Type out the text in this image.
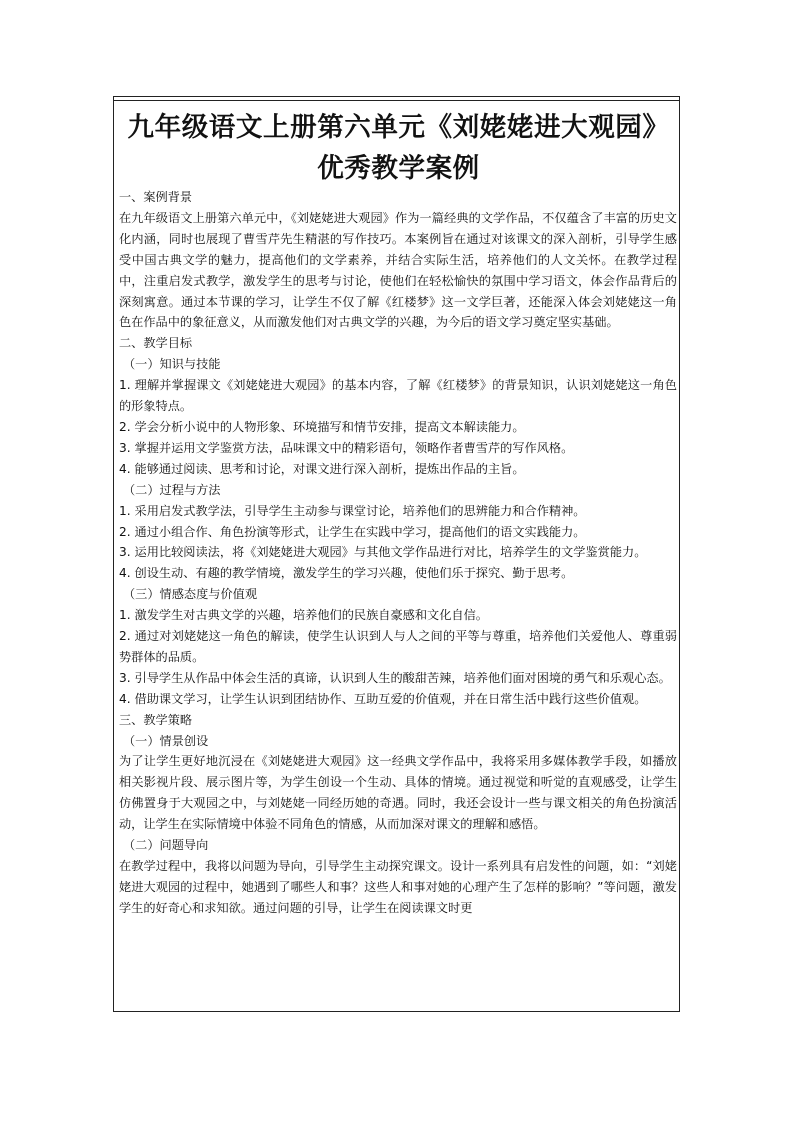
九年级语文上册第六单元《刘姥姥进大观园》
优秀教学案例
一、案例背景

在九年级语文上册第六单元中，《刘姥姥进大观园》作为一篇经典的文学作品，不仅蕴含了丰富的历史文化内涵，同时也展现了曹雪芹先生精湛的写作技巧。本案例旨在通过对该课文的深入剖析，引导学生感受中国古典文学的魅力，提高他们的文学素养，并结合实际生活，培养他们的人文关怀。在教学过程中，注重启发式教学，激发学生的思考与讨论，使他们在轻松愉快的氛围中学习语文，体会作品背后的深刻寓意。通过本节课的学习，让学生不仅了解《红楼梦》这一文学巨著，还能深入体会刘姥姥这一角色在作品中的象征意义，从而激发他们对古典文学的兴趣，为今后的语文学习奠定坚实基础。

二、教学目标
（一）知识与技能

1. 理解并掌握课文《刘姥姥进大观园》的基本内容，了解《红楼梦》的背景知识，认识刘姥姥这一角色的形象特点。

2. 学会分析小说中的人物形象、环境描写和情节安排，提高文本解读能力。

3. 掌握并运用文学鉴赏方法，品味课文中的精彩语句，领略作者曹雪芹的写作风格。

4. 能够通过阅读、思考和讨论，对课文进行深入剖析，提炼出作品的主旨。

（二）过程与方法

1. 采用启发式教学法，引导学生主动参与课堂讨论，培养他们的思辨能力和合作精神。

2. 通过小组合作、角色扮演等形式，让学生在实践中学习，提高他们的语文实践能力。

3. 运用比较阅读法，将《刘姥姥进大观园》与其他文学作品进行对比，培养学生的文学鉴赏能力。

4. 创设生动、有趣的教学情境，激发学生的学习兴趣，使他们乐于探究、勤于思考。

（三）情感态度与价值观

1. 激发学生对古典文学的兴趣，培养他们的民族自豪感和文化自信。

2. 通过对刘姥姥这一角色的解读，使学生认识到人与人之间的平等与尊重，培养他们关爱他人、尊重弱势群体的品质。

3. 引导学生从作品中体会生活的真谛，认识到人生的酸甜苦辣，培养他们面对困境的勇气和乐观心态。

4. 借助课文学习，让学生认识到团结协作、互助互爱的价值观，并在日常生活中践行这些价值观。

三、教学策略
（一）情景创设

为了让学生更好地沉浸在《刘姥姥进大观园》这一经典文学作品中，我将采用多媒体教学手段，如播放相关影视片段、展示图片等，为学生创设一个生动、具体的情境。通过视觉和听觉的直观感受，让学生仿佛置身于大观园之中，与刘姥姥一同经历她的奇遇。同时，我还会设计一些与课文相关的角色扮演活动，让学生在实际情境中体验不同角色的情感，从而加深对课文的理解和感悟。

（二）问题导向

在教学过程中，我将以问题为导向，引导学生主动探究课文。设计一系列具有启发性的问题，如：“刘姥姥进大观园的过程中，她遇到了哪些人和事？这些人和事对她的心理产生了怎样的影响？”等问题，激发学生的好奇心和求知欲。通过问题的引导，让学生在阅读课文时更
